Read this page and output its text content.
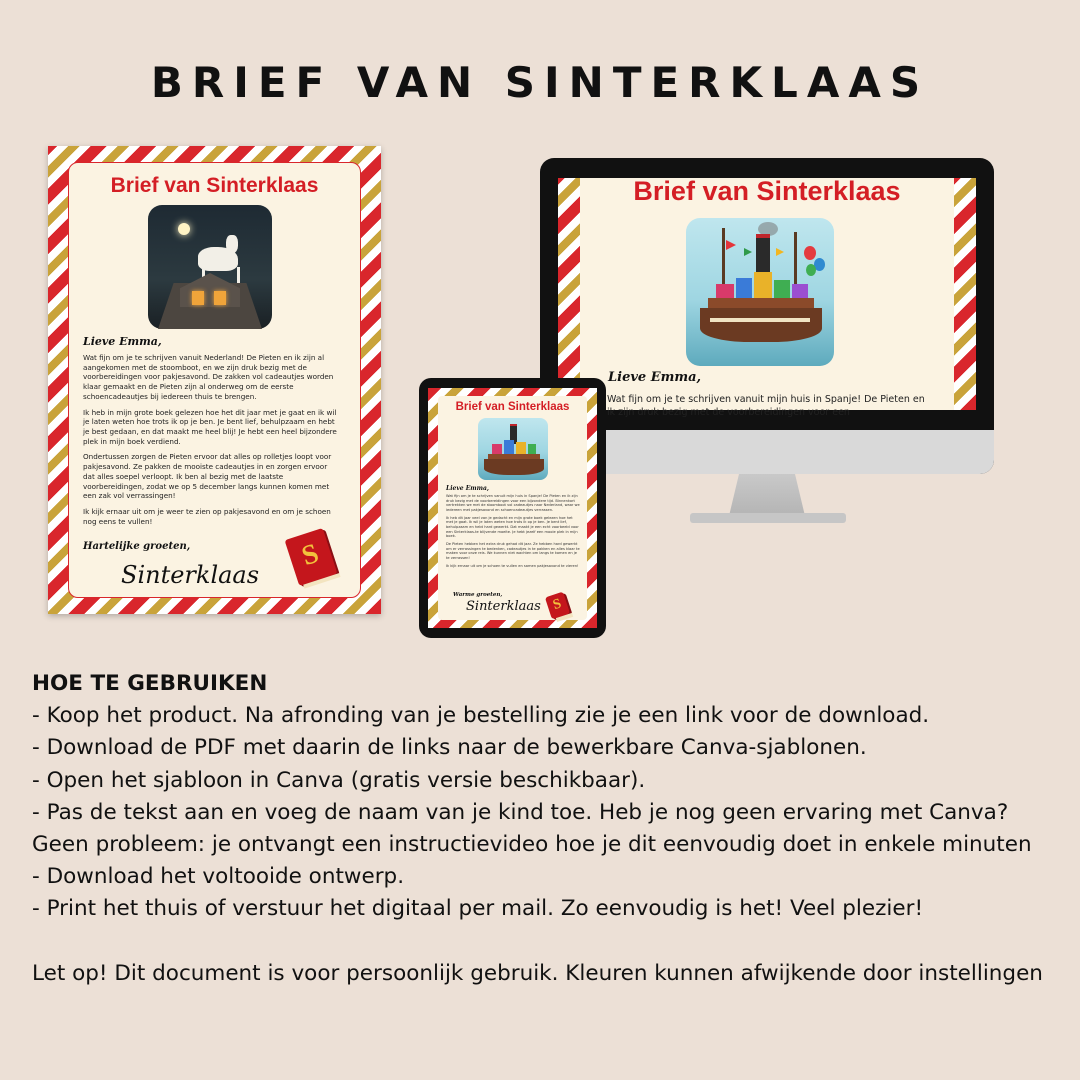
BRIEF VAN SINTERKLAAS
Brief van Sinterklaas
Lieve Emma,

Wat fijn om je te schrijven vanuit Nederland! De Pieten en ik zijn al aangekomen met de stoomboot, en we zijn druk bezig met de voorbereidingen voor pakjesavond. De zakken vol cadeautjes worden klaar gemaakt en de Pieten zijn al onderweg om de eerste schoencadeautjes bij iedereen thuis te brengen.

Ik heb in mijn grote boek gelezen hoe het dit jaar met je gaat en ik wil je laten weten hoe trots ik op je ben. Je bent lief, behulpzaam en hebt je best gedaan, en dat maakt me heel blij! Je hebt een heel bijzondere plek in mijn boek verdiend.

Ondertussen zorgen de Pieten ervoor dat alles op rolletjes loopt voor pakjesavond. Ze pakken de mooiste cadeautjes in en zorgen ervoor dat alles soepel verloopt. Ik ben al bezig met de laatste voorbereidingen, zodat we op 5 december langs kunnen komen met een zak vol verrassingen!

Ik kijk ernaar uit om je weer te zien op pakjesavond en om je schoen nog eens te vullen!

Hartelijke groeten,
Sinterklaas
S
Brief van Sinterklaas
Lieve Emma,
Wat fijn om je te schrijven vanuit mijn huis in Spanje! De Pieten en ik zijn druk bezig met de voorbereidingen voor een
Brief van Sinterklaas
Lieve Emma,

Wat fijn om je te schrijven vanuit mijn huis in Spanje! De Pieten en ik zijn druk bezig met de voorbereidingen voor een bijzondere tijd. Binnenkort vertrekken we met de stoomboot vol cadeautjes naar Nederland, waar we iedereen met pakjesavond en schoencadeautjes verrassen.

Ik heb dit jaar veel van je gedacht en mijn grote boek gelezen hoe het met je gaat. Ik wil je laten weten hoe trots ik op je ben. Je bent lief, behulpzaam en hebt hard gewerkt. Dat maakt je een echt voorbeeld voor een Sinterklaas-te blijvende moeite. Je hebt jezelf een mooie plek in mijn boek.

De Pieten hebben het extra druk gehad dit jaar. Ze hebben hard gewerkt om er verrassingen te bedenken, cadeautjes in te pakken en alles klaar te maken voor onze reis. We kunnen niet wachten om langs te komen en je te verrassen!

Ik kijk ernaar uit om je schoen te vullen en samen pakjesavond te vieren!

Warme groeten,
Sinterklaas S
HOE TE GEBRUIKEN
- Koop het product. Na afronding van je bestelling zie je een link voor de download.
- Download de PDF met daarin de links naar de bewerkbare Canva-sjablonen.
- Open het sjabloon in Canva (gratis versie beschikbaar).
- Pas de tekst aan en voeg de naam van je kind toe. Heb je nog geen ervaring met Canva? Geen probleem: je ontvangt een instructievideo hoe je dit eenvoudig doet in enkele minuten
- Download het voltooide ontwerp.
- Print het thuis of verstuur het digitaal per mail. Zo eenvoudig is het! Veel plezier!

Let op! Dit document is voor persoonlijk gebruik. Kleuren kunnen afwijkende door instellingen
